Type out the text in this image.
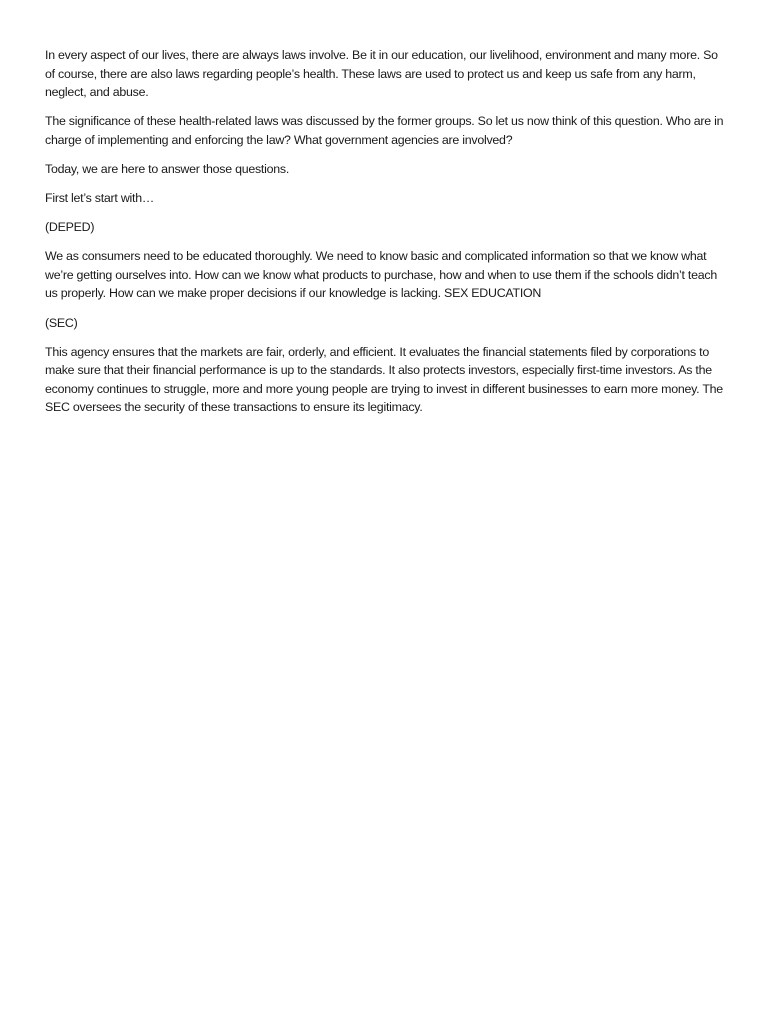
In every aspect of our lives, there are always laws involve. Be it in our education, our livelihood, environment and many more. So of course, there are also laws regarding people’s health. These laws are used to protect us and keep us safe from any harm, neglect, and abuse.

The significance of these health-related laws was discussed by the former groups. So let us now think of this question. Who are in charge of implementing and enforcing the law? What government agencies are involved?

Today, we are here to answer those questions.

First let’s start with…

(DEPED)

We as consumers need to be educated thoroughly. We need to know basic and complicated information so that we know what we’re getting ourselves into. How can we know what products to purchase, how and when to use them if the schools didn’t teach us properly. How can we make proper decisions if our knowledge is lacking. SEX EDUCATION

(SEC)

This agency ensures that the markets are fair, orderly, and efficient. It evaluates the financial statements filed by corporations to make sure that their financial performance is up to the standards. It also protects investors, especially first-time investors. As the economy continues to struggle, more and more young people are trying to invest in different businesses to earn more money. The SEC oversees the security of these transactions to ensure its legitimacy.
